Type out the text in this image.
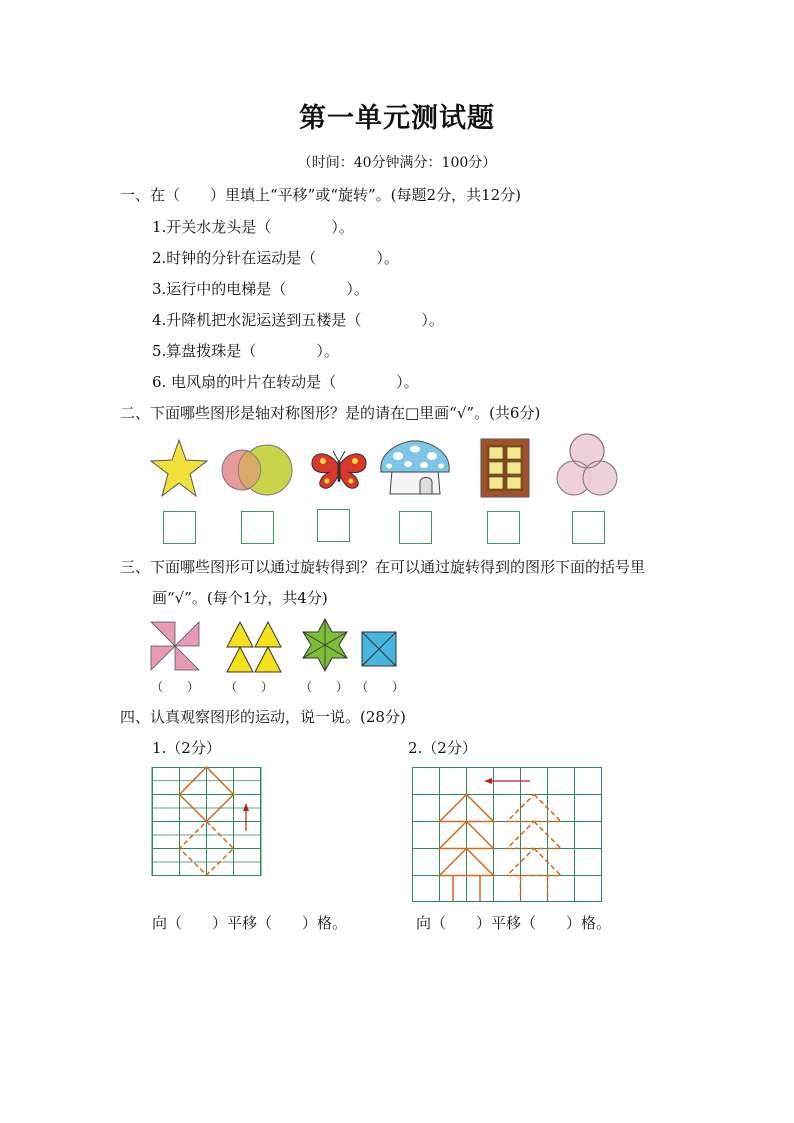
第一单元测试题
（时间：40分钟满分：100分）
一、在（　　）里填上“平移”或“旋转”。(每题2分，共12分)
1.开关水龙头是（　　　　）。
2.时钟的分针在运动是（　　　　）。
3.运行中的电梯是（　　　　）。
4.升降机把水泥运送到五楼是（　　　　）。
5.算盘拨珠是（　　　　）。
6. 电风扇的叶片在转动是（　　　　）。
二、下面哪些图形是轴对称图形？是的请在□里画“√”。(共6分)
三、下面哪些图形可以通过旋转得到？在可以通过旋转得到的图形下面的括号里
画“√”。(每个1分，共4分)
（　　） （　　） （　　） （　　）
四、认真观察图形的运动，说一说。(28分)
1.（2分）	2.（2分）
向（　　）平移（　　）格。	向（　　）平移（　　）格。
